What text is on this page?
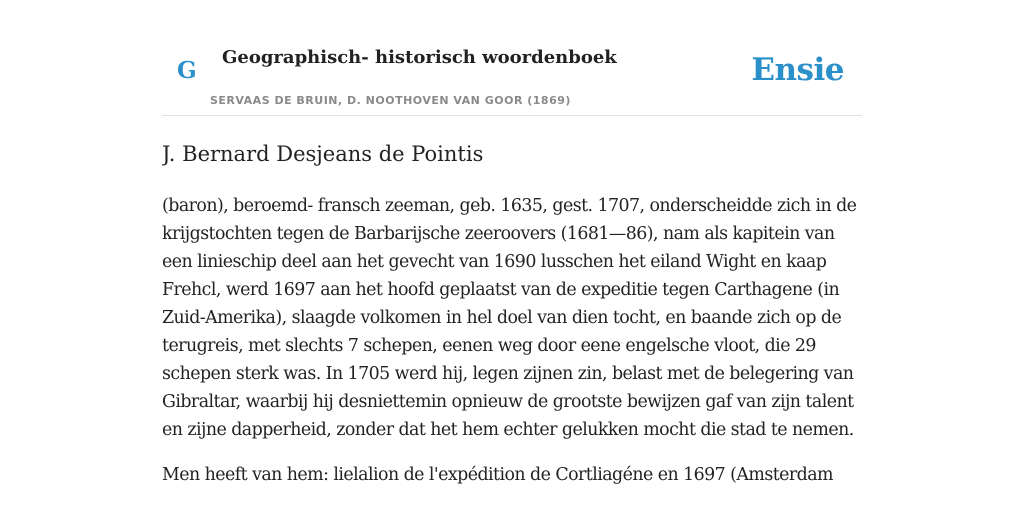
G Geographisch- historisch woordenboek
SERVAAS DE BRUIN, D. NOOTHOVEN VAN GOOR (1869)
Ensie
J. Bernard Desjeans de Pointis

(baron), beroemd- fransch zeeman, geb. 1635, gest. 1707, onderscheidde zich in de krijgstochten tegen de Barbarijsche zeeroovers (1681—86), nam als kapitein van een linieschip deel aan het gevecht van 1690 lusschen het eiland Wight en kaap Frehcl, werd 1697 aan het hoofd geplaatst van de expeditie tegen Carthagene (in Zuid-Amerika), slaagde volkomen in hel doel van dien tocht, en baande zich op de terugreis, met slechts 7 schepen, eenen weg door eene engelsche vloot, die 29 schepen sterk was. In 1705 werd hij, legen zijnen zin, belast met de belegering van Gibraltar, waarbij hij desniettemin opnieuw de grootste bewijzen gaf van zijn talent en zijne dapperheid, zonder dat het hem echter gelukken mocht die stad te nemen.

Men heeft van hem: lielalion de l'expédition de Cortliagéne en 1697 (Amsterdam
